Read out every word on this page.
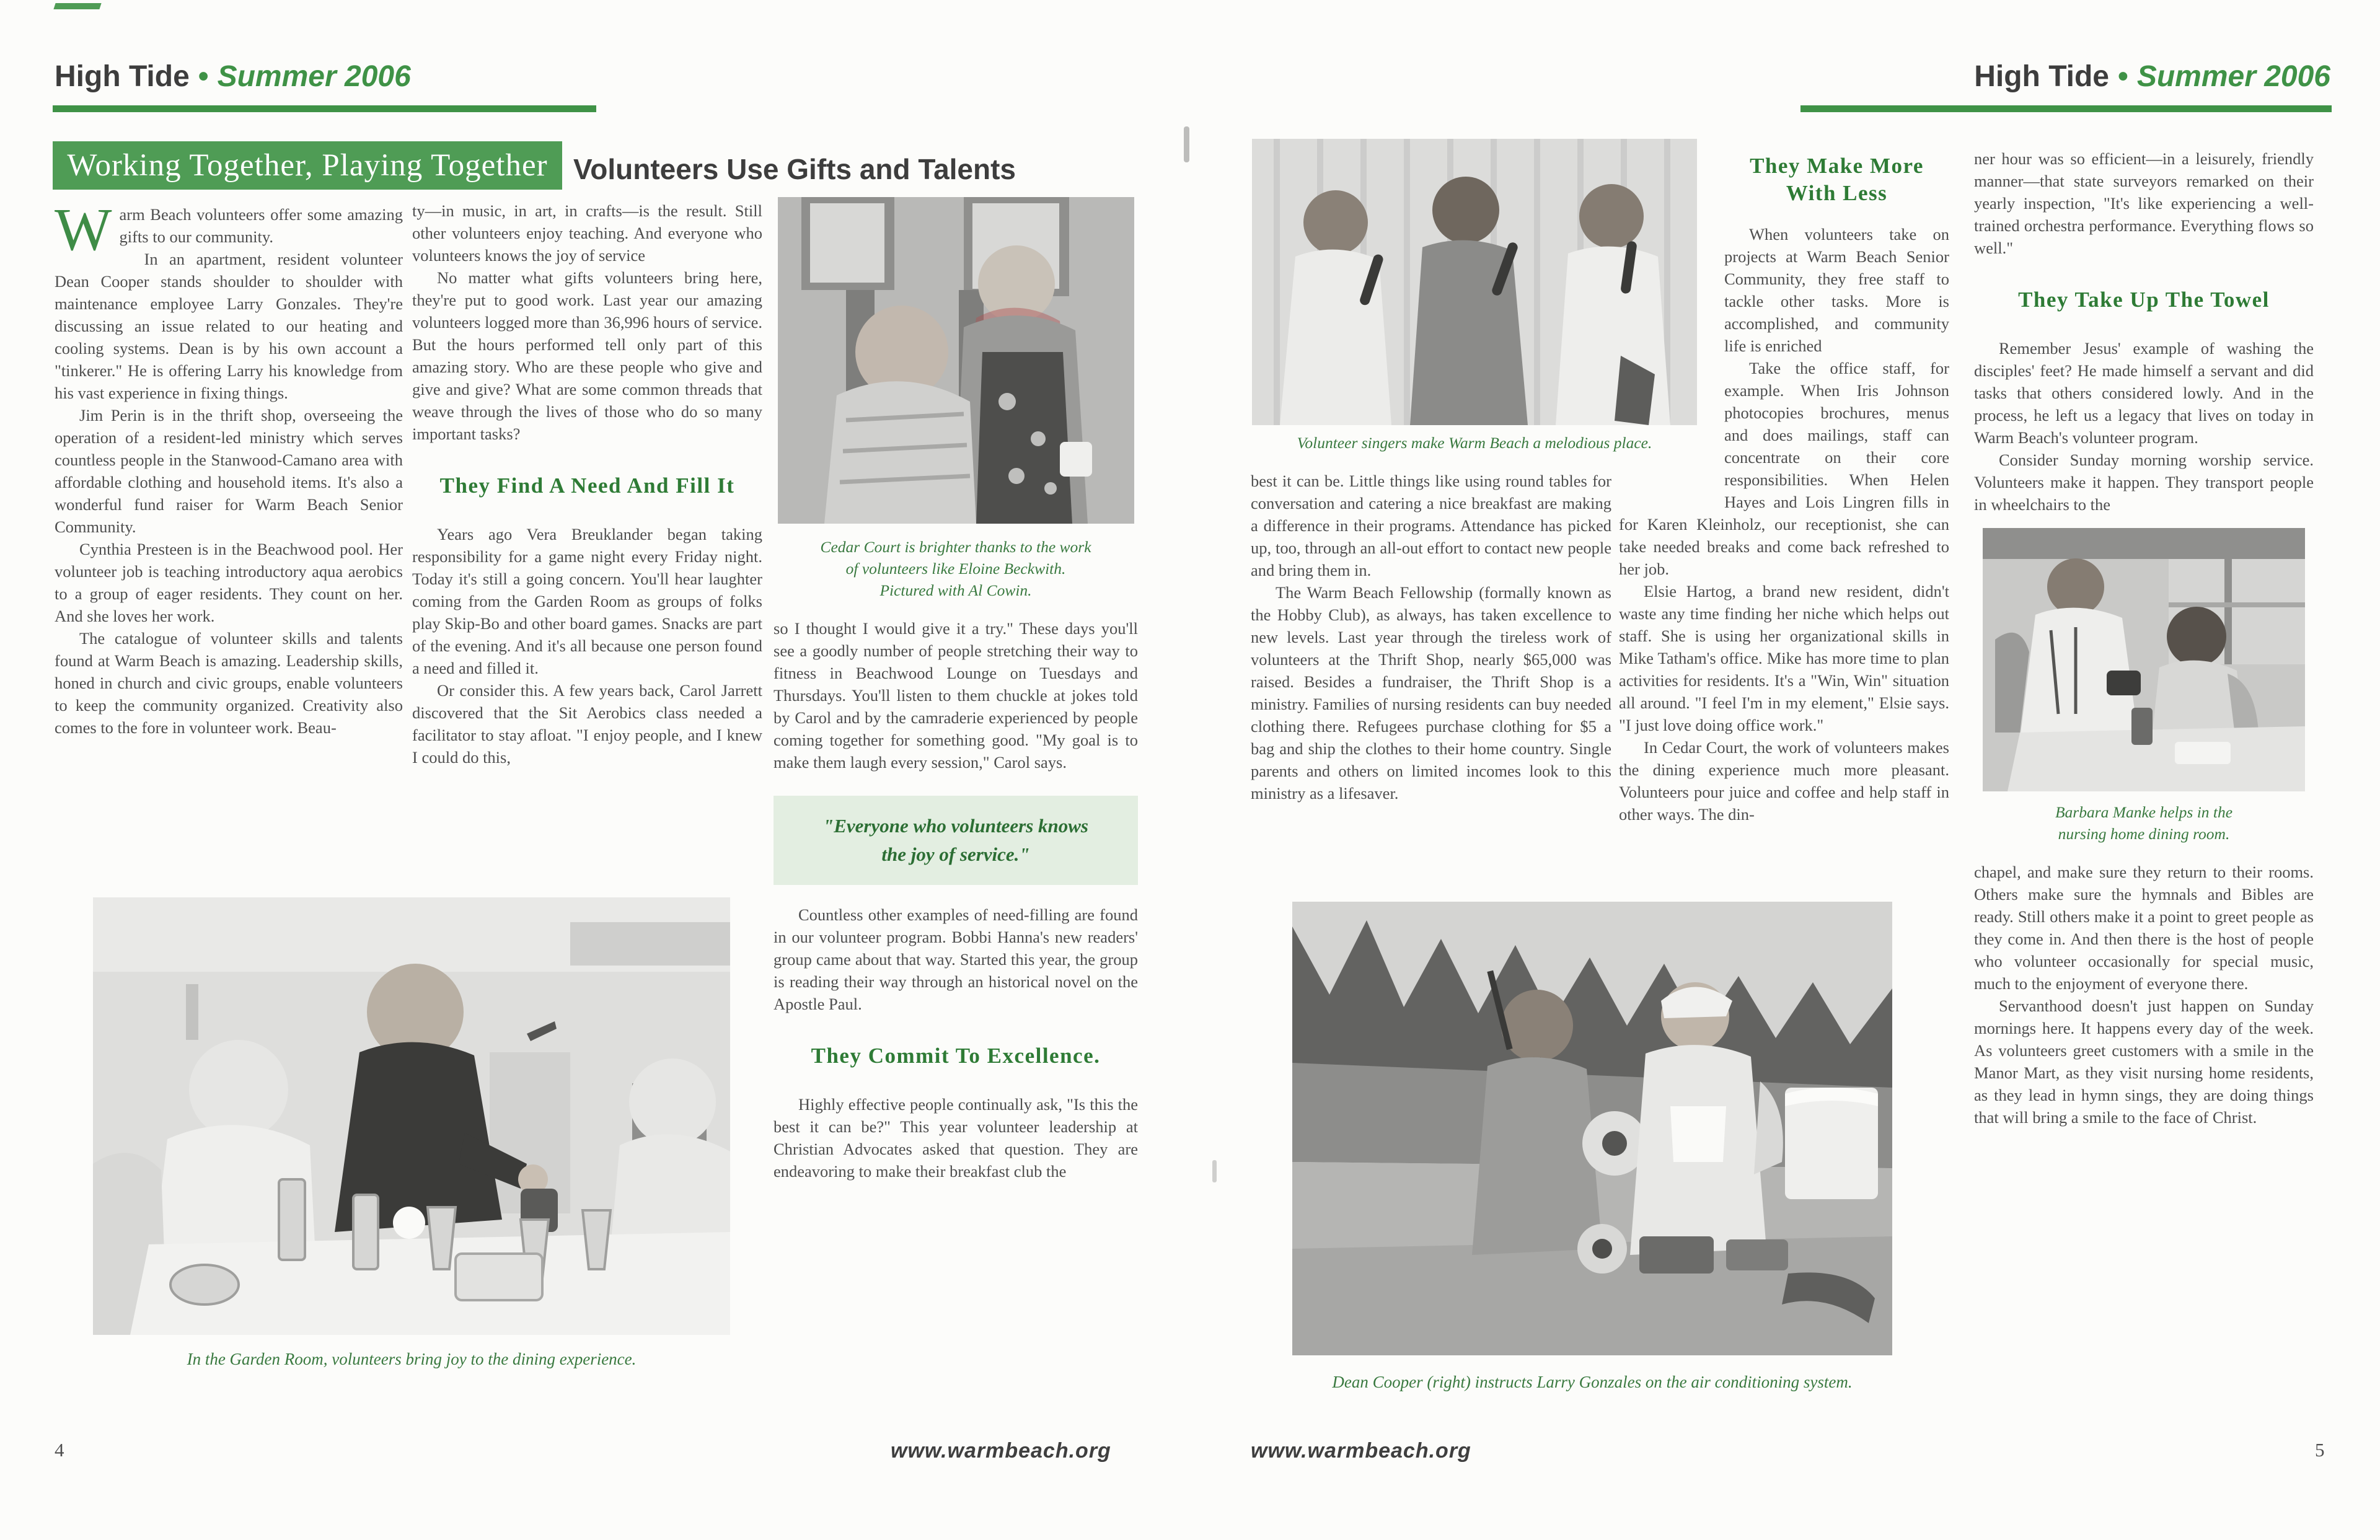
High Tide • Summer 2006	High Tide • Summer 2006
Working Together, Playing Together Volunteers Use Gifts and Talents

Warm Beach volunteers offer some amazing gifts to our community.

In an apartment, resident volunteer Dean Cooper stands shoulder to shoulder with maintenance employee Larry Gonzales. They're discussing an issue related to our heating and cooling systems. Dean is by his own account a "tinkerer." He is offering Larry his knowledge from his vast experience in fixing things.

Jim Perin is in the thrift shop, overseeing the operation of a resident-led ministry which serves countless people in the Stanwood-Camano area with affordable clothing and household items. It's also a wonderful fund raiser for Warm Beach Senior Community.

Cynthia Presteen is in the Beachwood pool. Her volunteer job is teaching introductory aqua aerobics to a group of eager residents. They count on her. And she loves her work.

The catalogue of volunteer skills and talents found at Warm Beach is amazing. Leadership skills, honed in church and civic groups, enable volunteers to keep the community organized. Creativity also comes to the fore in volunteer work. Beau-

ty—in music, in art, in crafts—is the result. Still other volunteers enjoy teaching. And everyone who volunteers knows the joy of service

No matter what gifts volunteers bring here, they're put to good work. Last year our amazing volunteers logged more than 36,996 hours of service. But the hours performed tell only part of this amazing story. Who are these people who give and give and give? What are some common threads that weave through the lives of those who do so many important tasks?

They Find A Need And Fill It

Years ago Vera Breuklander began taking responsibility for a game night every Friday night. Today it's still a going concern. You'll hear laughter coming from the Garden Room as groups of folks play Skip-Bo and other board games. Snacks are part of the evening. And it's all because one person found a need and filled it.

Or consider this. A few years back, Carol Jarrett discovered that the Sit Aerobics class needed a facilitator to stay afloat. "I enjoy people, and I knew I could do this,

Cedar Court is brighter thanks to the work
of volunteers like Eloine Beckwith.
Pictured with Al Cowin.

so I thought I would give it a try." These days you'll see a goodly number of people stretching their way to fitness in Beachwood Lounge on Tuesdays and Thursdays. You'll listen to them chuckle at jokes told by Carol and by the camraderie experienced by people coming together for something good. "My goal is to make them laugh every session," Carol says.

"Everyone who volunteers knows
the joy of service."

Countless other examples of need-filling are found in our volunteer program. Bobbi Hanna's new readers' group came about that way. Started this year, the group is reading their way through an historical novel on the Apostle Paul.

They Commit To Excellence.

Highly effective people continually ask, "Is this the best it can be?" This year volunteer leadership at Christian Advocates asked that question. They are endeavoring to make their breakfast club the

In the Garden Room, volunteers bring joy to the dining experience.
Volunteer singers make Warm Beach a melodious place.

best it can be. Little things like using round tables for conversation and catering a nice breakfast are making a difference in their programs. Attendance has picked up, too, through an all-out effort to contact new people and bring them in.

The Warm Beach Fellowship (formally known as the Hobby Club), as always, has taken excellence to new levels. Last year through the tireless work of volunteers at the Thrift Shop, nearly $65,000 was raised. Besides a fundraiser, the Thrift Shop is a ministry. Families of nursing residents can buy needed clothing there. Refugees purchase clothing for $5 a bag and ship the clothes to their home country. Single parents and others on limited incomes look to this ministry as a lifesaver.

They Make More
With Less

When volunteers take on projects at Warm Beach Senior Community, they free staff to tackle other tasks. More is accomplished, and community life is enriched

Take the office staff, for example. When Iris Johnson photocopies brochures, menus and does mailings, staff can concentrate on their core responsibilities. When Helen Hayes and Lois Lingren fills in for Karen Kleinholz, our receptionist, she can take needed breaks and come back refreshed to her job.

Elsie Hartog, a brand new resident, didn't waste any time finding her niche which helps out staff. She is using her organizational skills in Mike Tatham's office. Mike has more time to plan activities for residents. It's a "Win, Win" situation all around. "I feel I'm in my element," Elsie says. "I just love doing office work."

In Cedar Court, the work of volunteers makes the dining experience much more pleasant. Volunteers pour juice and coffee and help staff in other ways. The din-

ner hour was so efficient—in a leisurely, friendly manner—that state surveyors remarked on their yearly inspection, "It's like experiencing a well-trained orchestra performance. Everything flows so well."

They Take Up The Towel

Remember Jesus' example of washing the disciples' feet? He made himself a servant and did tasks that others considered lowly. And in the process, he left us a legacy that lives on today in Warm Beach's volunteer program.

Consider Sunday morning worship service. Volunteers make it happen. They transport people in wheelchairs to the

Barbara Manke helps in the
nursing home dining room.

chapel, and make sure they return to their rooms. Others make sure the hymnals and Bibles are ready. Still others make it a point to greet people as they come in. And then there is the host of people who volunteer occasionally for special music, much to the enjoyment of everyone there.

Servanthood doesn't just happen on Sunday mornings here. It happens every day of the week. As volunteers greet customers with a smile in the Manor Mart, as they visit nursing home residents, as they lead in hymn sings, they are doing things that will bring a smile to the face of Christ.

Dean Cooper (right) instructs Larry Gonzales on the air conditioning system.
4	www.warmbeach.org	www.warmbeach.org	5
